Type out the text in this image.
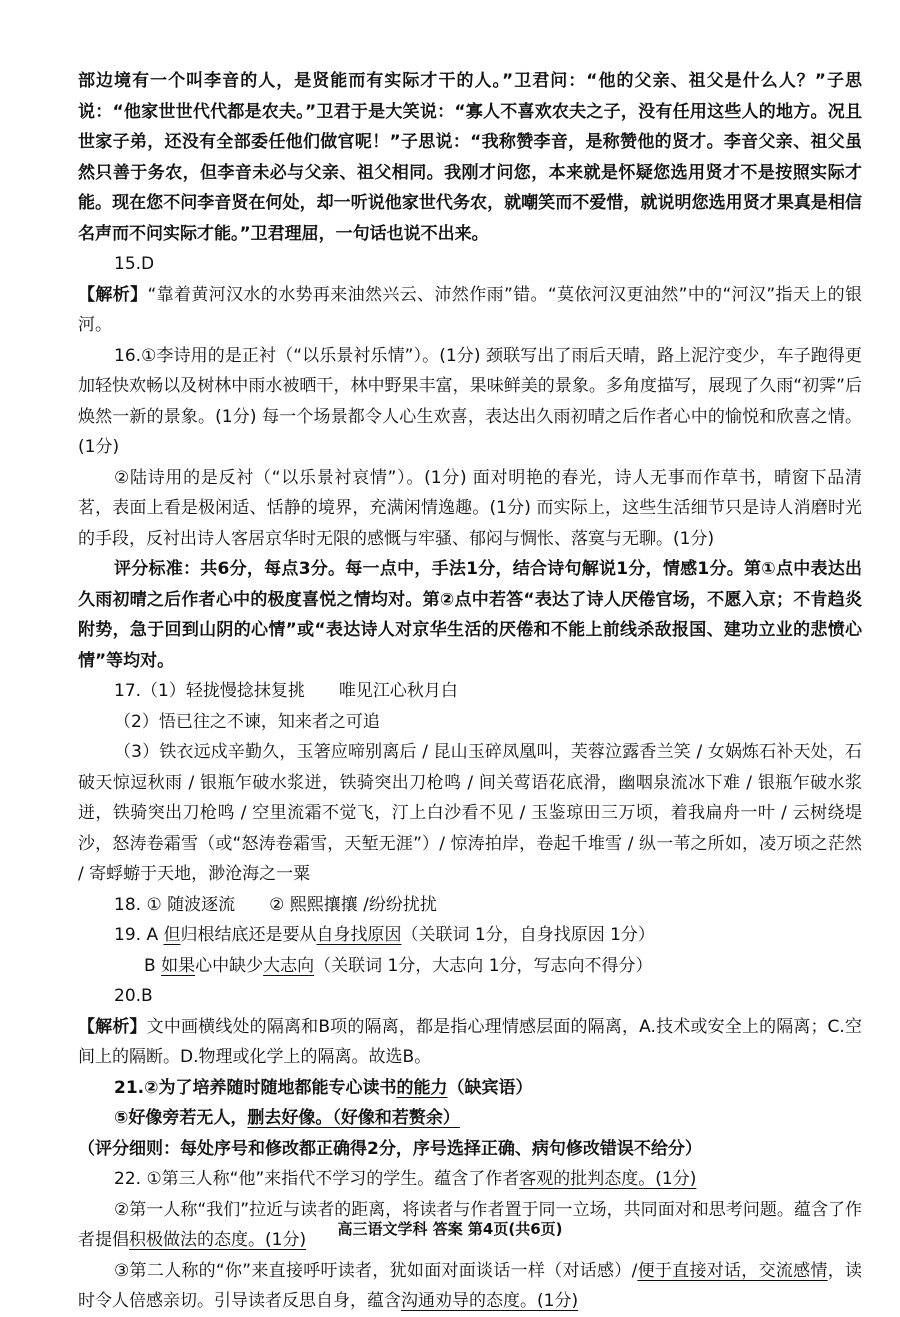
部边境有一个叫李音的人，是贤能而有实际才干的人。”卫君问：“他的父亲、祖父是什么人？”子思说：“他家世世代代都是农夫。”卫君于是大笑说：“寡人不喜欢农夫之子，没有任用这些人的地方。况且世家子弟，还没有全部委任他们做官呢！”子思说：“我称赞李音，是称赞他的贤才。李音父亲、祖父虽然只善于务农，但李音未必与父亲、祖父相同。我刚才问您，本来就是怀疑您选用贤才不是按照实际才能。现在您不问李音贤在何处，却一听说他家世代务农，就嘲笑而不爱惜，就说明您选用贤才果真是相信名声而不问实际才能。”卫君理屈，一句话也说不出来。

15.D

【解析】“靠着黄河汉水的水势再来油然兴云、沛然作雨”错。“莫依河汉更油然”中的“河汉”指天上的银河。

16.①李诗用的是正衬（“以乐景衬乐情”）。(1分) 颈联写出了雨后天晴，路上泥泞变少，车子跑得更加轻快欢畅以及树林中雨水被晒干，林中野果丰富，果味鲜美的景象。多角度描写，展现了久雨“初霁”后焕然一新的景象。(1分) 每一个场景都令人心生欢喜，表达出久雨初晴之后作者心中的愉悦和欣喜之情。(1分)

②陆诗用的是反衬（“以乐景衬哀情”）。(1分) 面对明艳的春光，诗人无事而作草书，晴窗下品清茗，表面上看是极闲适、恬静的境界，充满闲情逸趣。(1分) 而实际上，这些生活细节只是诗人消磨时光的手段，反衬出诗人客居京华时无限的感慨与牢骚、郁闷与惆怅、落寞与无聊。(1分)

评分标准：共6分，每点3分。每一点中，手法1分，结合诗句解说1分，情感1分。第①点中表达出久雨初晴之后作者心中的极度喜悦之情均对。第②点中若答“表达了诗人厌倦官场，不愿入京；不肯趋炎附势，急于回到山阴的心情”或“表达诗人对京华生活的厌倦和不能上前线杀敌报国、建功立业的悲愤心情”等均对。

17.（1）轻拢慢捻抹复挑　　唯见江心秋月白

（2）悟已往之不谏，知来者之可追

（3）铁衣远戍辛勤久，玉箸应啼别离后 / 昆山玉碎凤凰叫，芙蓉泣露香兰笑 / 女娲炼石补天处，石破天惊逗秋雨 / 银瓶乍破水浆迸，铁骑突出刀枪鸣 / 间关莺语花底滑，幽咽泉流冰下难 / 银瓶乍破水浆迸，铁骑突出刀枪鸣 / 空里流霜不觉飞，汀上白沙看不见 / 玉鉴琼田三万顷，着我扁舟一叶 / 云树绕堤沙，怒涛卷霜雪（或“怒涛卷霜雪，天堑无涯”）/ 惊涛拍岸，卷起千堆雪 / 纵一苇之所如，凌万顷之茫然 / 寄蜉蝣于天地，渺沧海之一粟

18. ① 随波逐流　　② 熙熙攘攘 /纷纷扰扰

19. A 但归根结底还是要从自身找原因（关联词 1分，自身找原因 1分）

B 如果心中缺少大志向（关联词 1分，大志向 1分，写志向不得分）

20.B

【解析】文中画横线处的隔离和B项的隔离，都是指心理情感层面的隔离，A.技术或安全上的隔离；C.空间上的隔断。D.物理或化学上的隔离。故选B。

21.②为了培养随时随地都能专心读书的能力（缺宾语）

⑤好像旁若无人，删去好像。（好像和若赘余）

（评分细则：每处序号和修改都正确得2分，序号选择正确、病句修改错误不给分）

22. ①第三人称“他”来指代不学习的学生。蕴含了作者客观的批判态度。(1分)

②第一人称“我们”拉近与读者的距离，将读者与作者置于同一立场，共同面对和思考问题。蕴含了作者提倡积极做法的态度。(1分)

③第二人称的“你”来直接呼吁读者，犹如面对面谈话一样（对话感）/便于直接对话，交流感情，读时令人倍感亲切。引导读者反思自身，蕴含沟通劝导的态度。(1分)

高三语文学科 答案 第4页(共6页)
